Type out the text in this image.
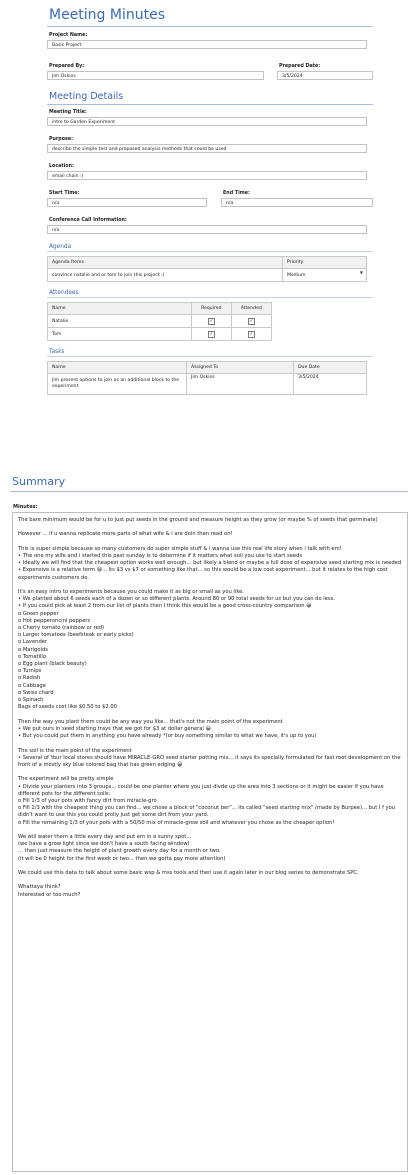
Meeting Minutes
Project Name:
Basic Project
Prepared By:
Jim Oskins
Prepared Date:
3/5/2024
Meeting Details
Meeting Title:
intro to Garden Experiment
Purpose:
describe the simple test and proposed analysis methods that could be used
Location:
email chain :)
Start Time:
n/a
End Time:
n/a
Conference Call Information:
n/a
Agenda
Agenda Items	Priority
convince natalie and or tom to join this project :)	Medium ▼
Attendees
Name	Required	Attended
Natalie	✓	✓
Tom	✓	✓
Tasks
Name	Assigned To	Due Date
Jim present options to join as an additional block to the experiment	Jim Oskins	3/5/2024
Summary
Minutes:
The bare minimum would be for u to just put seeds in the ground and measure height as they grow (or maybe % of seeds that germinate)

However ... if u wanna replicate more parts of what wife & i are doin then read on!

This is super simple because so many customers do super simple stuff & i wanna use this real life story when i talk with em!
• The one my wife and i started this past sunday is to determine if it matters what soil you use to start seeds
• Ideally we will find that the cheapest option works well enough... but likely a blend or maybe a full dose of expensive seed starting mix is needed
• Expensive is a relative term 😆... its $3 vs $7 or something like that... so this would be a low cost experiment... but it relates to the high cost experiments customers do.

It's an easy intro to experiments because you could make it as big or small as you like.
• We planted about 6 seeds each of a dozen or so different plants. Around 80 or 90 total seeds for us but you can do less.
• If you could pick at least 2 from our list of plants then I think this would be a good cross-country comparison 😀
o Green pepper
o Hot pepperoncini peppers
o Cherry tomato (rainbow or red)
o Larger tomatoes (beefsteak or early picks)
o Lavender
o Marigolds
o Tomatillo
o Egg plant (black beauty)
o Turnips
o Radish
o Cabbage
o Swiss chard
o Spinach
Bags of seeds cost like $0.50 to $2.00

Then the way you plant them could be any way you like... that's not the main point of the experiment
• We put ours in seed starting trays that we got for $3 at dollar general 😀
• But you could put them in anything you have already *(or buy something similar to what we have, it's up to you)

The soil is the main point of the experiment
• Several of Your local stores should have MIRACLE-GRO seed starter potting mix... it says its specially formulated for fast root development on the front of a mostly sky blue colored bag that has green edging 😀

The experiment will be pretty simple
• Divide your planters into 3 groups... could be one planter where you just divde up the area into 3 sections or it might be easier if you have different pots for the different soils:
o Fill 1/3 of your pots with fancy dirt from miracle-gro
o Fill 1/3 with the cheapest thing you can find... we chose a block of "coconut ber"... its called "seed starting mix" (made by Burpee)... but I f you didn't want to use this you could prolly just get some dirt from your yard.
o Fill the remaining 1/3 of your pots with a 50/50 mix of miracle-grow soil and whatever you chose as the cheaper option!

We will water them a little every day and put em in a sunny spot...
(we have a grow light since we don't have a south facing window)
... then just measure the height of plant growth every day for a month or two.
(it will be 0 height for the first week or two... then we gotta pay more attention)

We could use this data to talk about some basic wsp & mss tools and then use it again later in our blog series to demonstrate SPC.

Whattaya think?
Interested or too much?
